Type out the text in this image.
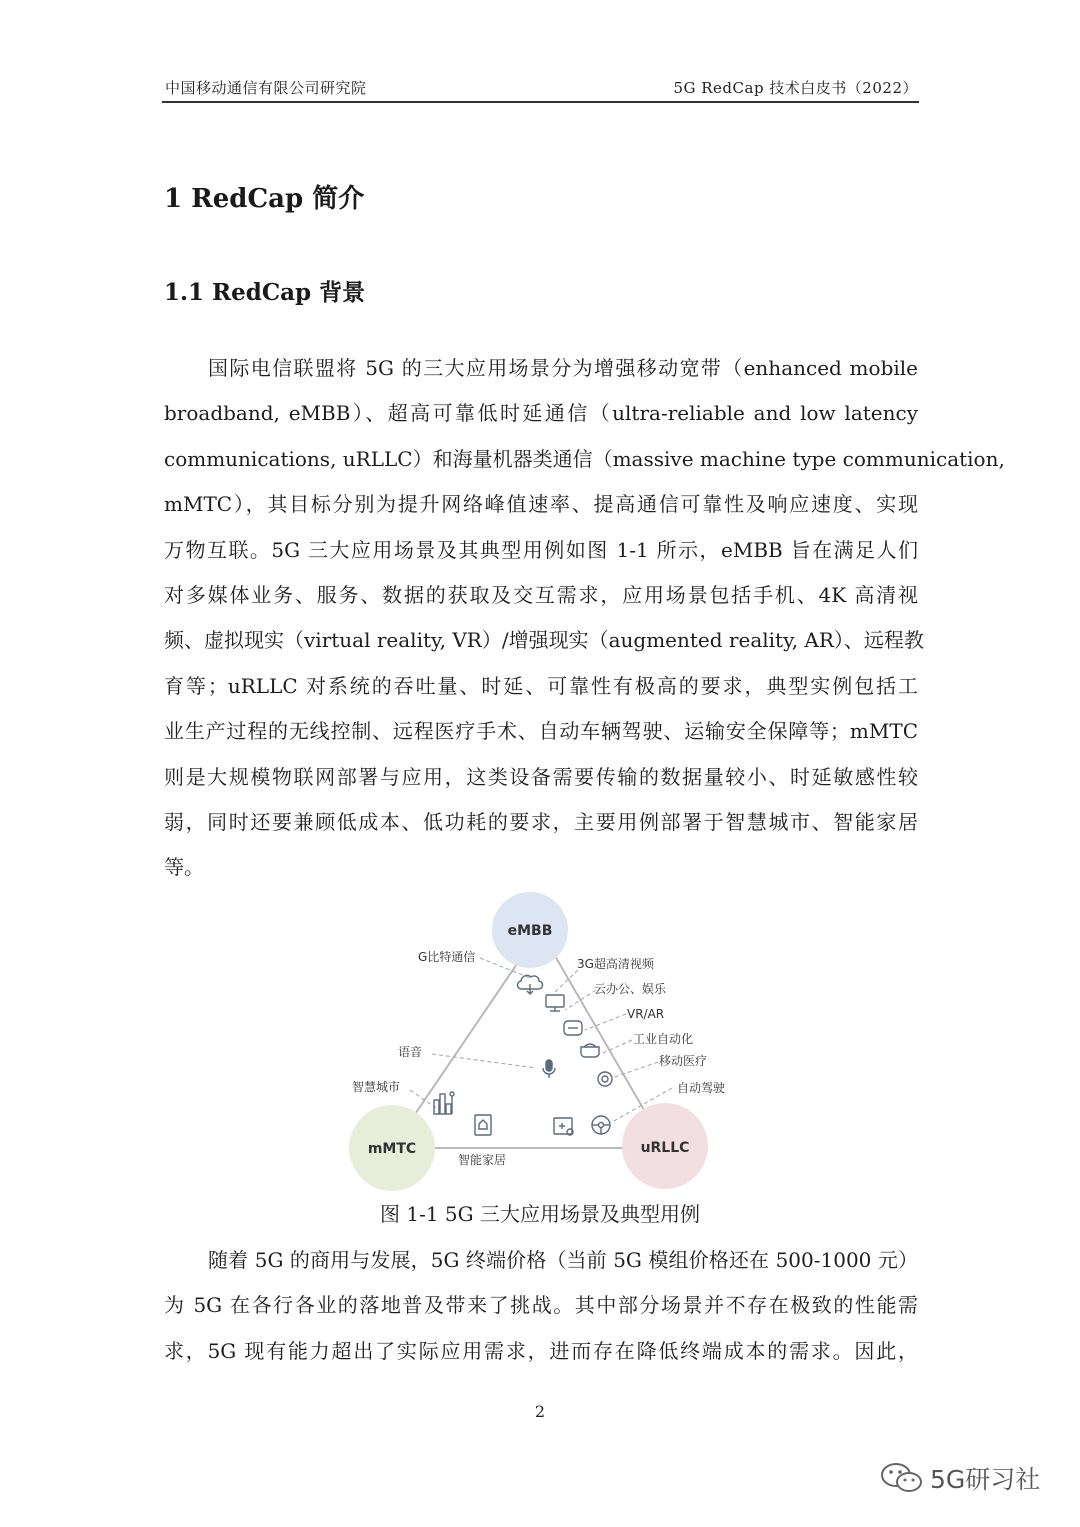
中国移动通信有限公司研究院	5G RedCap 技术白皮书（2022）
1 RedCap 简介
1.1 RedCap 背景
国际电信联盟将 5G 的三大应用场景分为增强移动宽带（enhanced mobile
broadband, eMBB）、超高可靠低时延通信（ultra-reliable and low latency
communications, uRLLC）和海量机器类通信（massive machine type communication,
mMTC），其目标分别为提升网络峰值速率、提高通信可靠性及响应速度、实现
万物互联。5G 三大应用场景及其典型用例如图 1-1 所示，eMBB 旨在满足人们
对多媒体业务、服务、数据的获取及交互需求，应用场景包括手机、4K 高清视
频、虚拟现实（virtual reality, VR）/增强现实（augmented reality, AR）、远程教
育等；uRLLC 对系统的吞吐量、时延、可靠性有极高的要求，典型实例包括工
业生产过程的无线控制、远程医疗手术、自动车辆驾驶、运输安全保障等；mMTC
则是大规模物联网部署与应用，这类设备需要传输的数据量较小、时延敏感性较
弱，同时还要兼顾低成本、低功耗的要求，主要用例部署于智慧城市、智能家居
等。
eMBB
mMTC	uRLLC
G比特通信	3G超高清视频
云办公、娱乐
VR/AR
工业自动化
移动医疗
自动驾驶
语音
智慧城市
智能家居
图 1-1 5G 三大应用场景及典型用例
随着 5G 的商用与发展，5G 终端价格（当前 5G 模组价格还在 500-1000 元）
为 5G 在各行各业的落地普及带来了挑战。其中部分场景并不存在极致的性能需
求，5G 现有能力超出了实际应用需求，进而存在降低终端成本的需求。因此，
2
5G研习社
